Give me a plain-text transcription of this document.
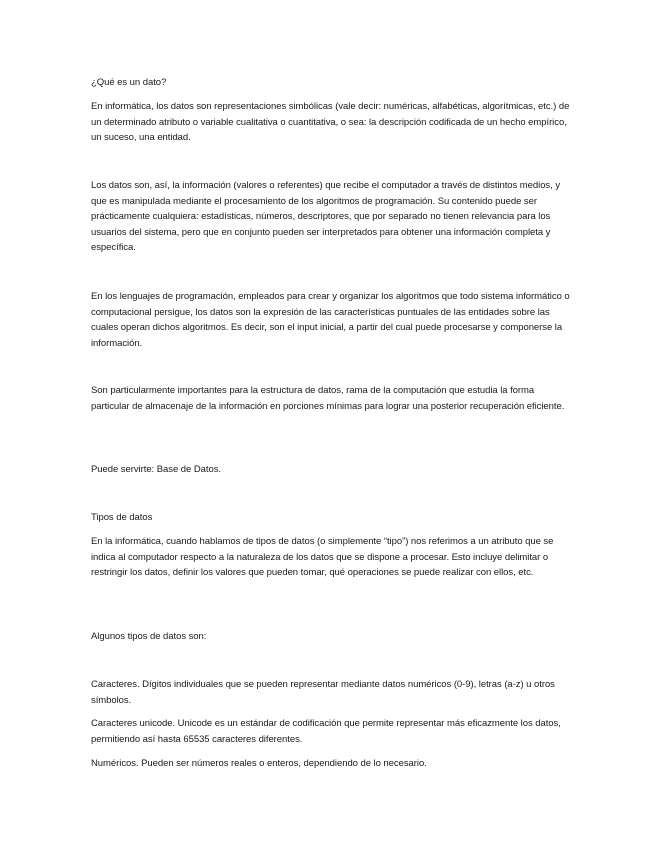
¿Qué es un dato?

En informática, los datos son representaciones simbólicas (vale decir: numéricas, alfabéticas, algorítmicas, etc.) de un determinado atributo o variable cualitativa o cuantitativa, o sea: la descripción codificada de un hecho empírico, un suceso, una entidad.

Los datos son, así, la información (valores o referentes) que recibe el computador a través de distintos medios, y que es manipulada mediante el procesamiento de los algoritmos de programación. Su contenido puede ser prácticamente cualquiera: estadísticas, números, descriptores, que por separado no tienen relevancia para los usuarios del sistema, pero que en conjunto pueden ser interpretados para obtener una información completa y específica.

En los lenguajes de programación, empleados para crear y organizar los algoritmos que todo sistema informático o computacional persigue, los datos son la expresión de las características puntuales de las entidades sobre las cuales operan dichos algoritmos. Es decir, son el input inicial, a partir del cual puede procesarse y componerse la información.

Son particularmente importantes para la estructura de datos, rama de la computación que estudia la forma particular de almacenaje de la información en porciones mínimas para lograr una posterior recuperación eficiente.

Puede servirte: Base de Datos.

Tipos de datos

En la informática, cuando hablamos de tipos de datos (o simplemente “tipo”) nos referimos a un atributo que se indica al computador respecto a la naturaleza de los datos que se dispone a procesar. Esto incluye delimitar o restringir los datos, definir los valores que pueden tomar, qué operaciones se puede realizar con ellos, etc.

Algunos tipos de datos son:

Caracteres. Dígitos individuales que se pueden representar mediante datos numéricos (0-9), letras (a-z) u otros símbolos.

Caracteres unicode. Unicode es un estándar de codificación que permite representar más eficazmente los datos, permitiendo así hasta 65535 caracteres diferentes.

Numéricos. Pueden ser números reales o enteros, dependiendo de lo necesario.
